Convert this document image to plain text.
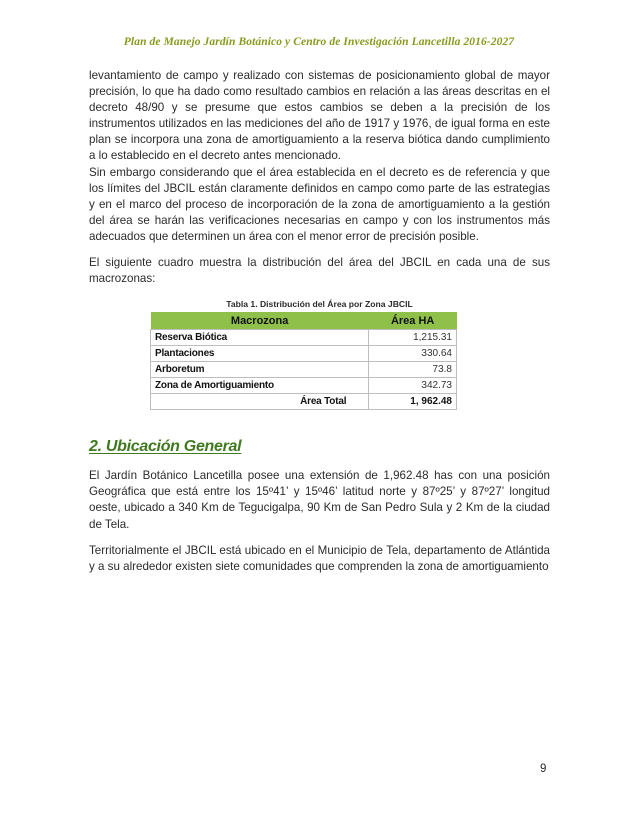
Plan de Manejo Jardín Botánico y Centro de Investigación Lancetilla 2016-2027

levantamiento de campo y realizado con sistemas de posicionamiento global de mayor precisión, lo que ha dado como resultado cambios en relación a las áreas descritas en el decreto 48/90 y se presume que estos cambios se deben a la precisión de los instrumentos utilizados en las mediciones del año de 1917 y 1976, de igual forma en este plan se incorpora una zona de amortiguamiento a la reserva biótica dando cumplimiento a lo establecido en el decreto antes mencionado.

Sin embargo considerando que el área establecida en el decreto es de referencia y que los límites del JBCIL están claramente definidos en campo como parte de las estrategias y en el marco del proceso de incorporación de la zona de amortiguamiento a la gestión del área se harán las verificaciones necesarias en campo y con los instrumentos más adecuados que determinen un área con el menor error de precisión posible.

El siguiente cuadro muestra la distribución del área del JBCIL en cada una de sus macrozonas:

Tabla 1. Distribución del Área por Zona JBCIL
Macrozona	Área HA
Reserva Biótica	1,215.31
Plantaciones	330.64
Arboretum	73.8
Zona de Amortiguamiento	342.73
Área Total	1, 962.48
2. Ubicación General

El Jardín Botánico Lancetilla posee una extensión de 1,962.48 has con una posición Geográfica que está entre los 15º41’ y 15º46’ latitud norte y 87º25’ y 87º27’ longitud oeste, ubicado a 340 Km de Tegucigalpa, 90 Km de San Pedro Sula y 2 Km de la ciudad de Tela.

Territorialmente el JBCIL está ubicado en el Municipio de Tela, departamento de Atlántida y a su alrededor existen siete comunidades que comprenden la zona de amortiguamiento

9
